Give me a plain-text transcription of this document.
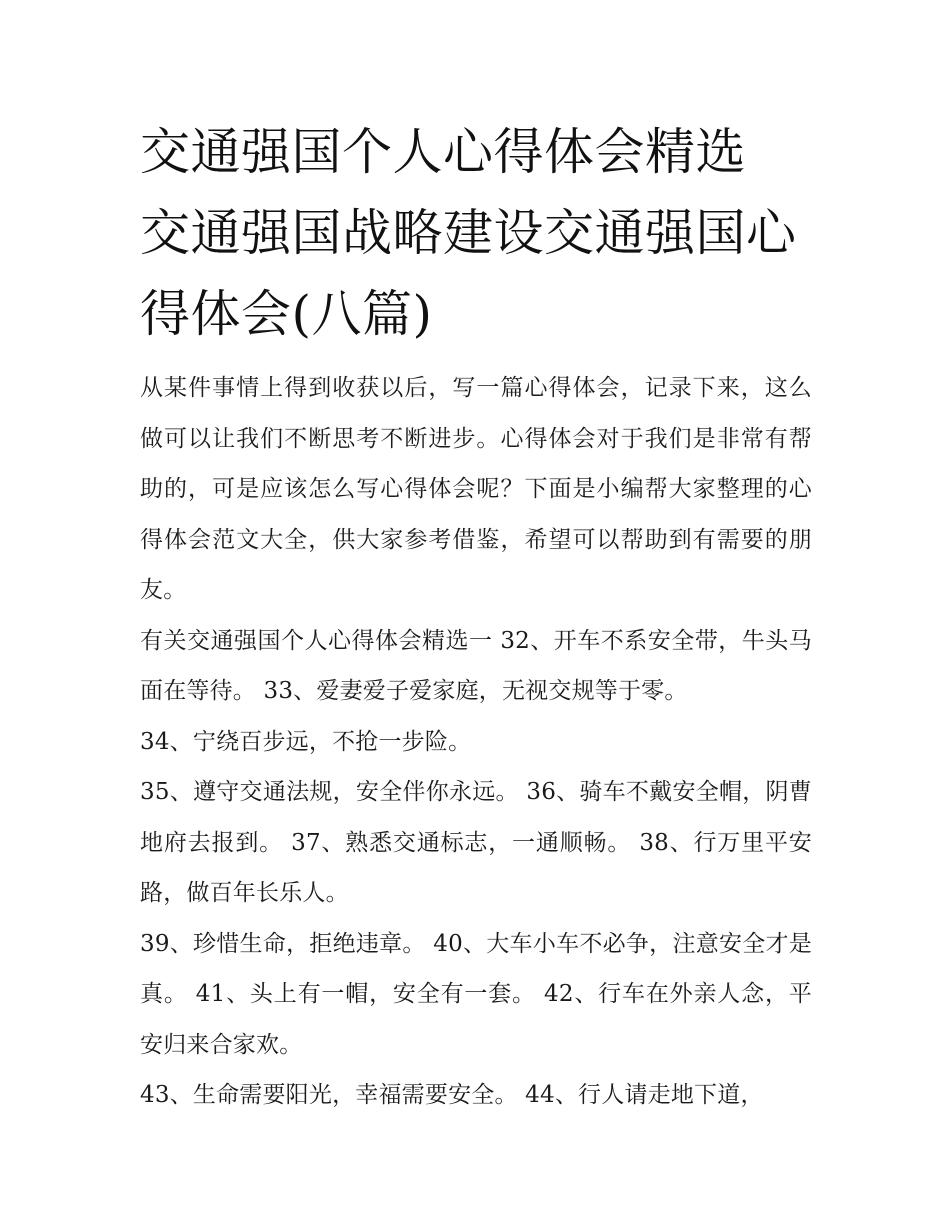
交通强国个人心得体会精选 交通强国战略建设交通强国心得体会(八篇)

从某件事情上得到收获以后，写一篇心得体会，记录下来，这么做可以让我们不断思考不断进步。心得体会对于我们是非常有帮助的，可是应该怎么写心得体会呢？下面是小编帮大家整理的心得体会范文大全，供大家参考借鉴，希望可以帮助到有需要的朋友。

有关交通强国个人心得体会精选一 32、开车不系安全带，牛头马面在等待。 33、爱妻爱子爱家庭，无视交规等于零。

34、宁绕百步远，不抢一步险。

35、遵守交通法规，安全伴你永远。 36、骑车不戴安全帽，阴曹地府去报到。 37、熟悉交通标志，一通顺畅。 38、行万里平安路，做百年长乐人。

39、珍惜生命，拒绝违章。 40、大车小车不必争，注意安全才是真。 41、头上有一帽，安全有一套。 42、行车在外亲人念，平安归来合家欢。

43、生命需要阳光，幸福需要安全。 44、行人请走地下道，
